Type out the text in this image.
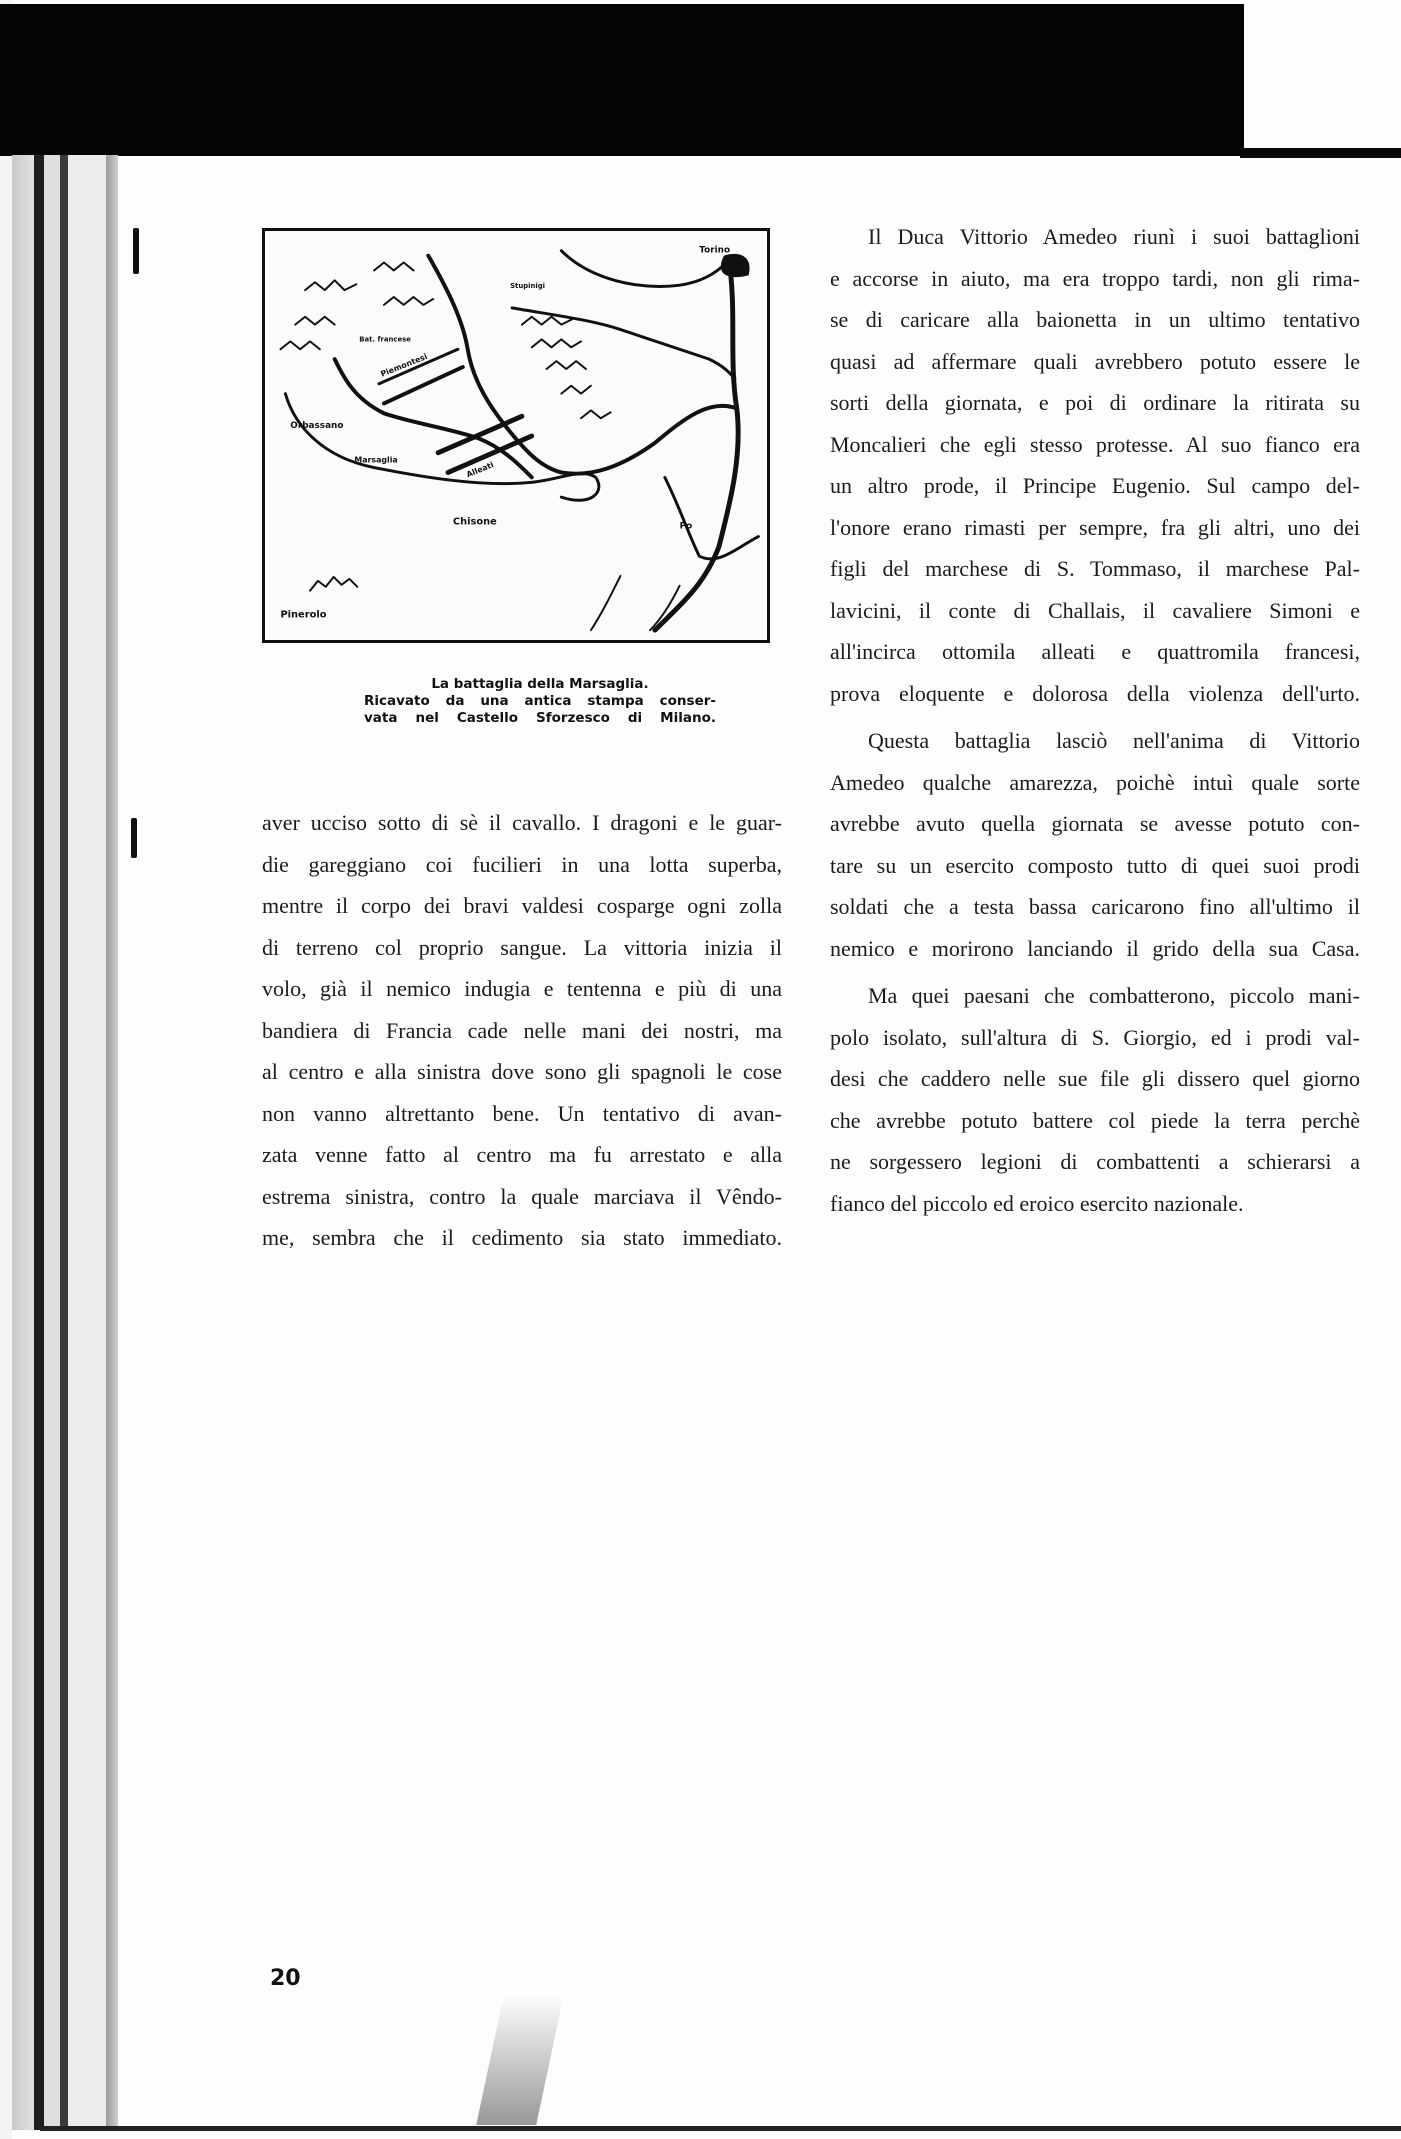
Torino
Stupinigi
Bat. francese
Piemontesi
Alleati
Orbassano
Marsaglia
Chisone	Po
Pinerolo
La battaglia della Marsaglia.
Ricavato da una antica stampa conser-
vata nel Castello Sforzesco di Milano.

aver ucciso sotto di sè il cavallo. I dragoni e le guar-
die gareggiano coi fucilieri in una lotta superba,
mentre il corpo dei bravi valdesi cosparge ogni zolla
di terreno col proprio sangue. La vittoria inizia il
volo, già il nemico indugia e tentenna e più di una
bandiera di Francia cade nelle mani dei nostri, ma
al centro e alla sinistra dove sono gli spagnoli le cose
non vanno altrettanto bene. Un tentativo di avan-
zata venne fatto al centro ma fu arrestato e alla
estrema sinistra, contro la quale marciava il Vêndo-
me, sembra che il cedimento sia stato immediato.

Il Duca Vittorio Amedeo riunì i suoi battaglioni
e accorse in aiuto, ma era troppo tardi, non gli rima-
se di caricare alla baionetta in un ultimo tentativo
quasi ad affermare quali avrebbero potuto essere le
sorti della giornata, e poi di ordinare la ritirata su
Moncalieri che egli stesso protesse. Al suo fianco era
un altro prode, il Principe Eugenio. Sul campo del-
l'onore erano rimasti per sempre, fra gli altri, uno dei
figli del marchese di S. Tommaso, il marchese Pal-
lavicini, il conte di Challais, il cavaliere Simoni e
all'incirca ottomila alleati e quattromila francesi,
prova eloquente e dolorosa della violenza dell'urto.

Questa battaglia lasciò nell'anima di Vittorio
Amedeo qualche amarezza, poichè intuì quale sorte
avrebbe avuto quella giornata se avesse potuto con-
tare su un esercito composto tutto di quei suoi prodi
soldati che a testa bassa caricarono fino all'ultimo il
nemico e morirono lanciando il grido della sua Casa.

Ma quei paesani che combatterono, piccolo mani-
polo isolato, sull'altura di S. Giorgio, ed i prodi val-
desi che caddero nelle sue file gli dissero quel giorno
che avrebbe potuto battere col piede la terra perchè
ne sorgessero legioni di combattenti a schierarsi a
fianco del piccolo ed eroico esercito nazionale.

20
